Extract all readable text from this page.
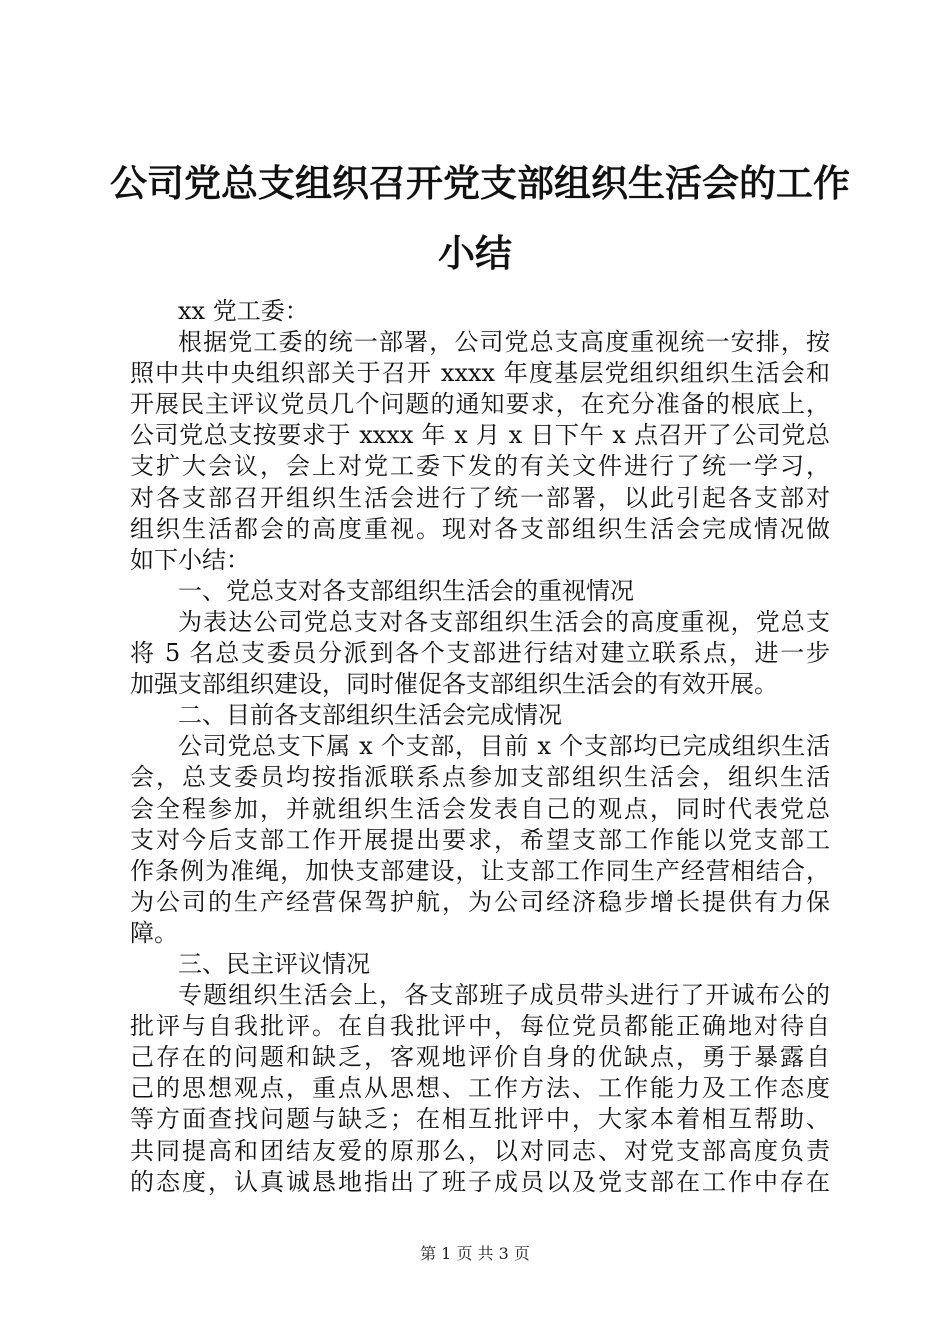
公司党总支组织召开党支部组织生活会的工作
小结
xx 党工委：
根据党工委的统一部署，公司党总支高度重视统一安排，按
照中共中央组织部关于召开 xxxx 年度基层党组织组织生活会和
开展民主评议党员几个问题的通知要求，在充分准备的根底上，
公司党总支按要求于 xxxx 年 x 月 x 日下午 x 点召开了公司党总
支扩大会议，会上对党工委下发的有关文件进行了统一学习，
对各支部召开组织生活会进行了统一部署，以此引起各支部对
组织生活都会的高度重视。现对各支部组织生活会完成情况做
如下小结：
一、党总支对各支部组织生活会的重视情况
为表达公司党总支对各支部组织生活会的高度重视，党总支
将 5 名总支委员分派到各个支部进行结对建立联系点，进一步
加强支部组织建设，同时催促各支部组织生活会的有效开展。
二、目前各支部组织生活会完成情况
公司党总支下属 x 个支部，目前 x 个支部均已完成组织生活
会，总支委员均按指派联系点参加支部组织生活会，组织生活
会全程参加，并就组织生活会发表自己的观点，同时代表党总
支对今后支部工作开展提出要求，希望支部工作能以党支部工
作条例为准绳，加快支部建设，让支部工作同生产经营相结合，
为公司的生产经营保驾护航，为公司经济稳步增长提供有力保
障。
三、民主评议情况
专题组织生活会上，各支部班子成员带头进行了开诚布公的
批评与自我批评。在自我批评中，每位党员都能正确地对待自
己存在的问题和缺乏，客观地评价自身的优缺点，勇于暴露自
己的思想观点，重点从思想、工作方法、工作能力及工作态度
等方面查找问题与缺乏；在相互批评中，大家本着相互帮助、
共同提高和团结友爱的原那么，以对同志、对党支部高度负责
的态度，认真诚恳地指出了班子成员以及党支部在工作中存在
第 1 页 共 3 页
